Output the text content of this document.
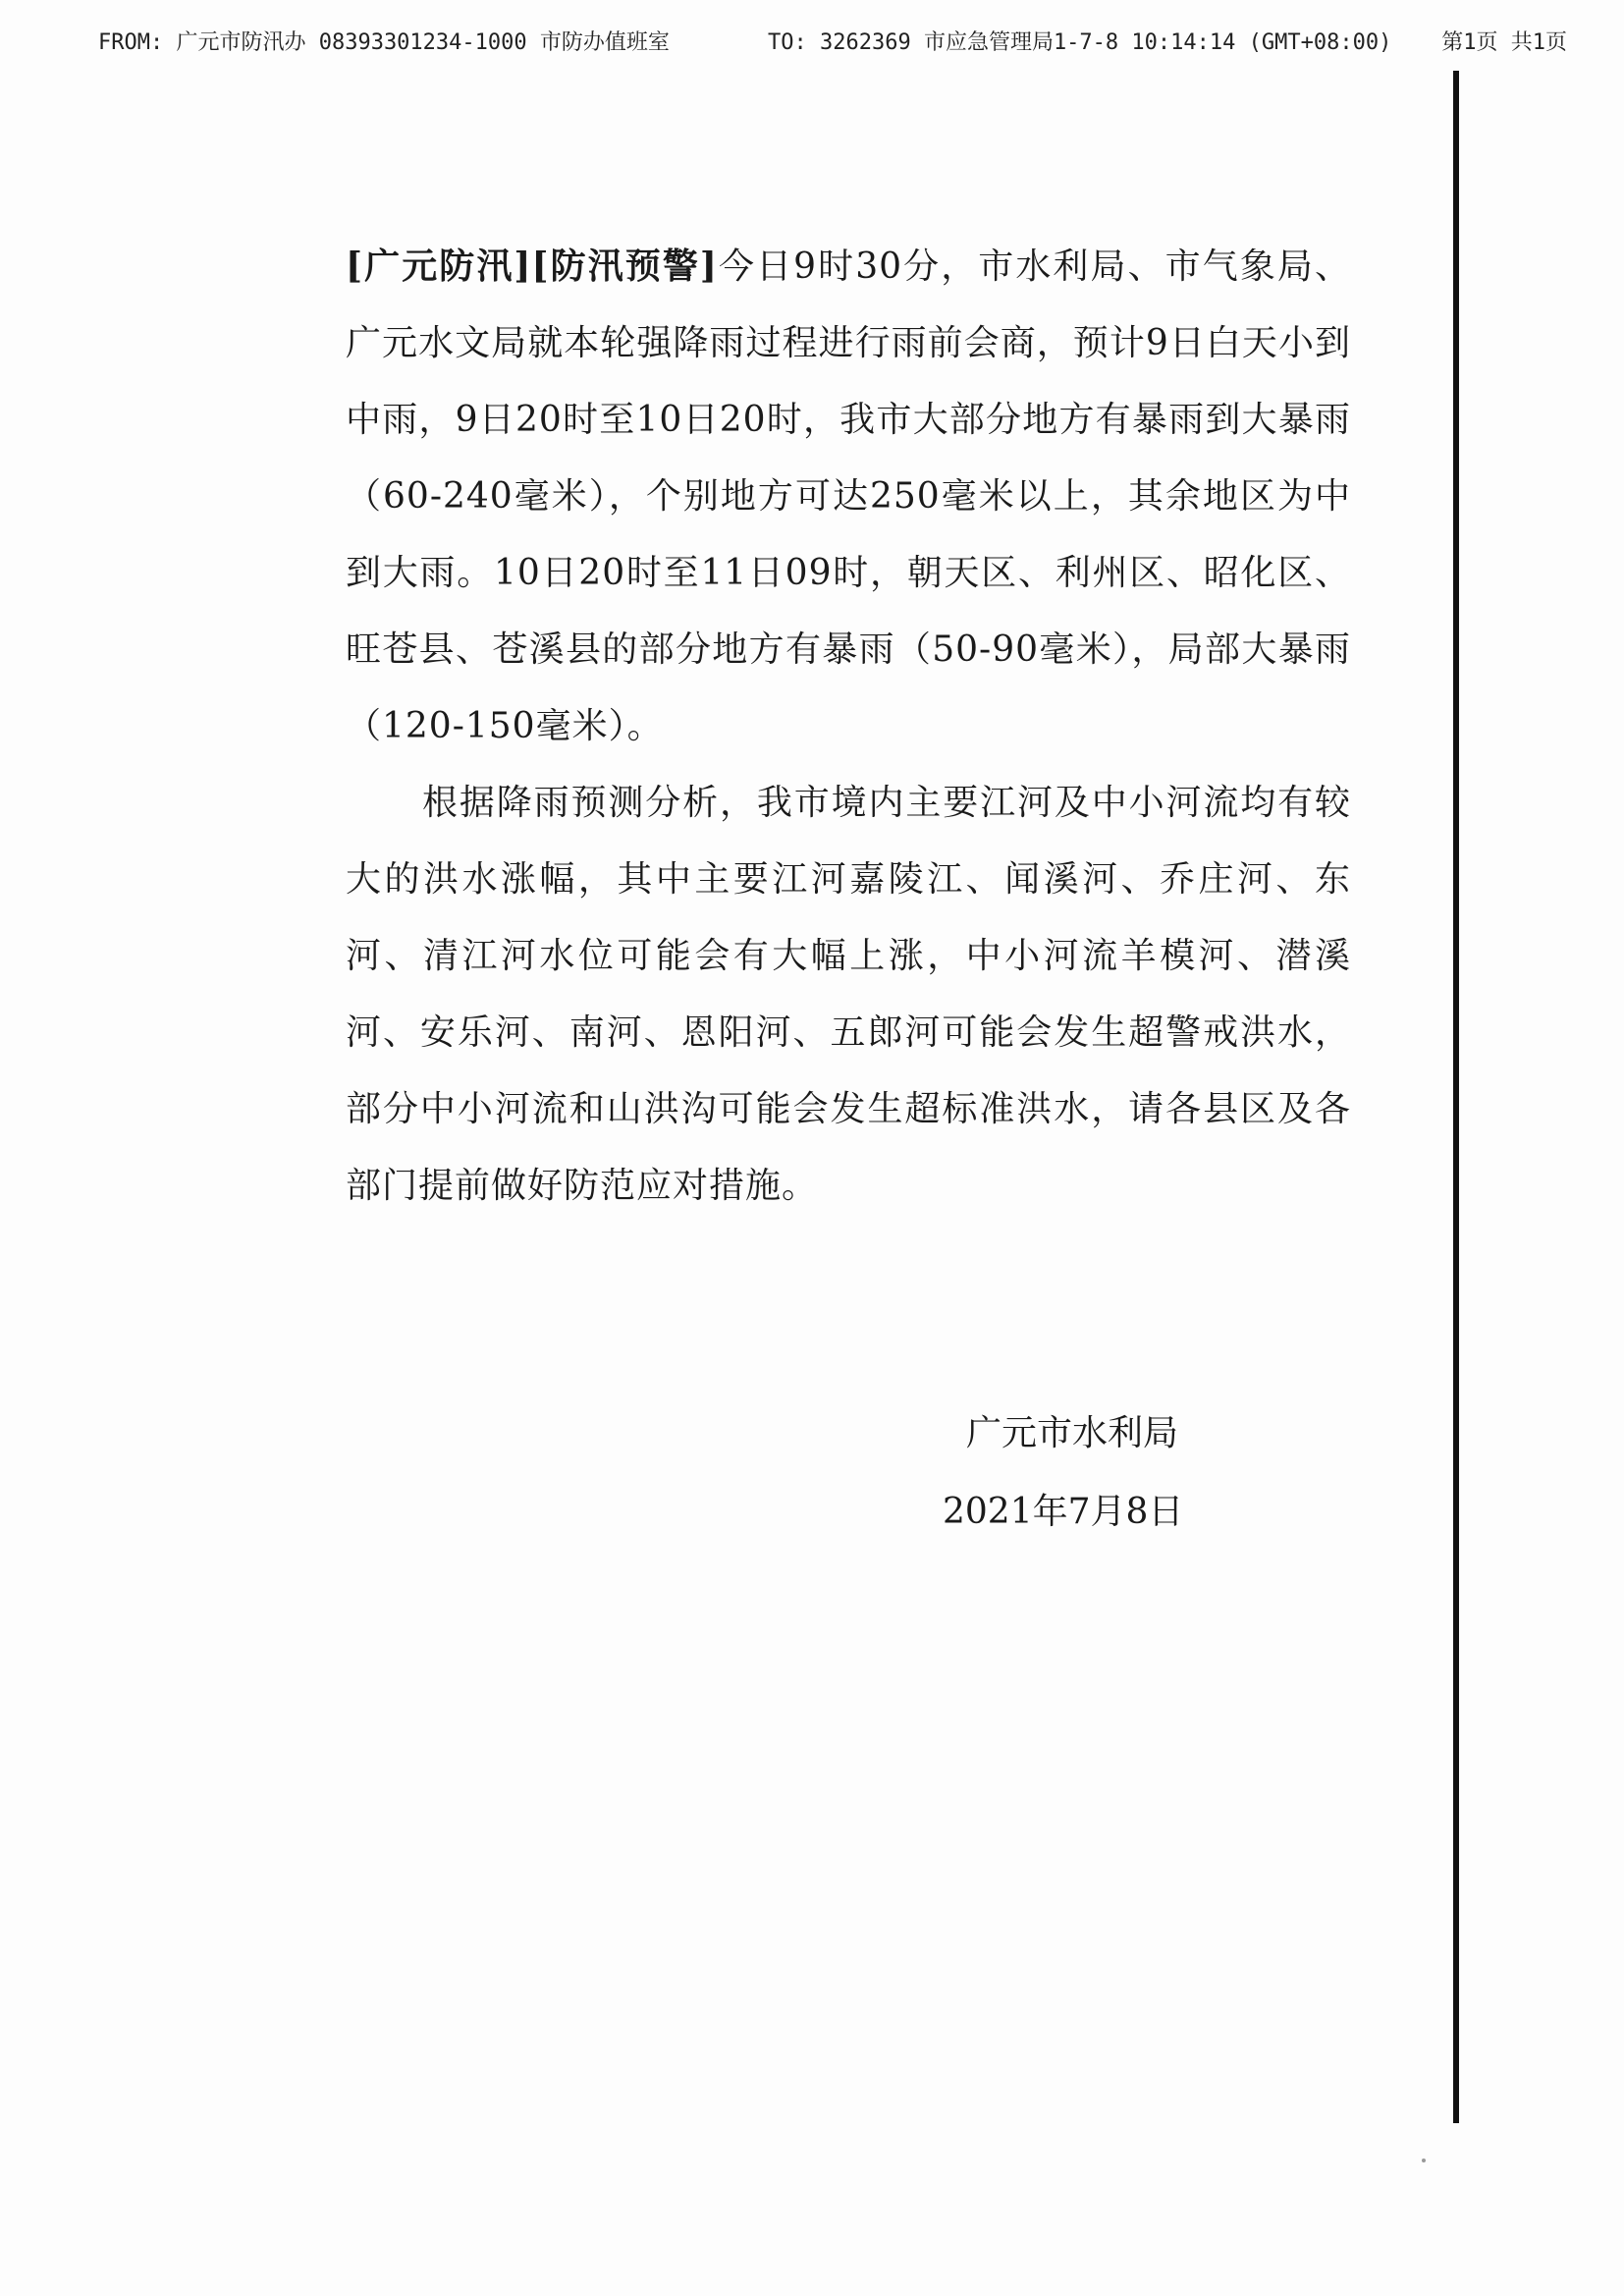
FROM: 广元市防汛办 08393301234-1000 市防办值班室	TO: 3262369 市应急管理局1-7-8 10:14:14 (GMT+08:00) 第1页 共1页

[广元防汛][防汛预警]今日9时30分，市水利局、市气象局、广元水文局就本轮强降雨过程进行雨前会商，预计9日白天小到中雨，9日20时至10日20时，我市大部分地方有暴雨到大暴雨（60-240毫米），个别地方可达250毫米以上，其余地区为中到大雨。10日20时至11日09时，朝天区、利州区、昭化区、旺苍县、苍溪县的部分地方有暴雨（50-90毫米），局部大暴雨（120-150毫米）。

根据降雨预测分析，我市境内主要江河及中小河流均有较大的洪水涨幅，其中主要江河嘉陵江、闻溪河、乔庄河、东河、清江河水位可能会有大幅上涨，中小河流羊模河、潜溪河、安乐河、南河、恩阳河、五郎河可能会发生超警戒洪水，部分中小河流和山洪沟可能会发生超标准洪水，请各县区及各部门提前做好防范应对措施。

广元市水利局
2021年7月8日
